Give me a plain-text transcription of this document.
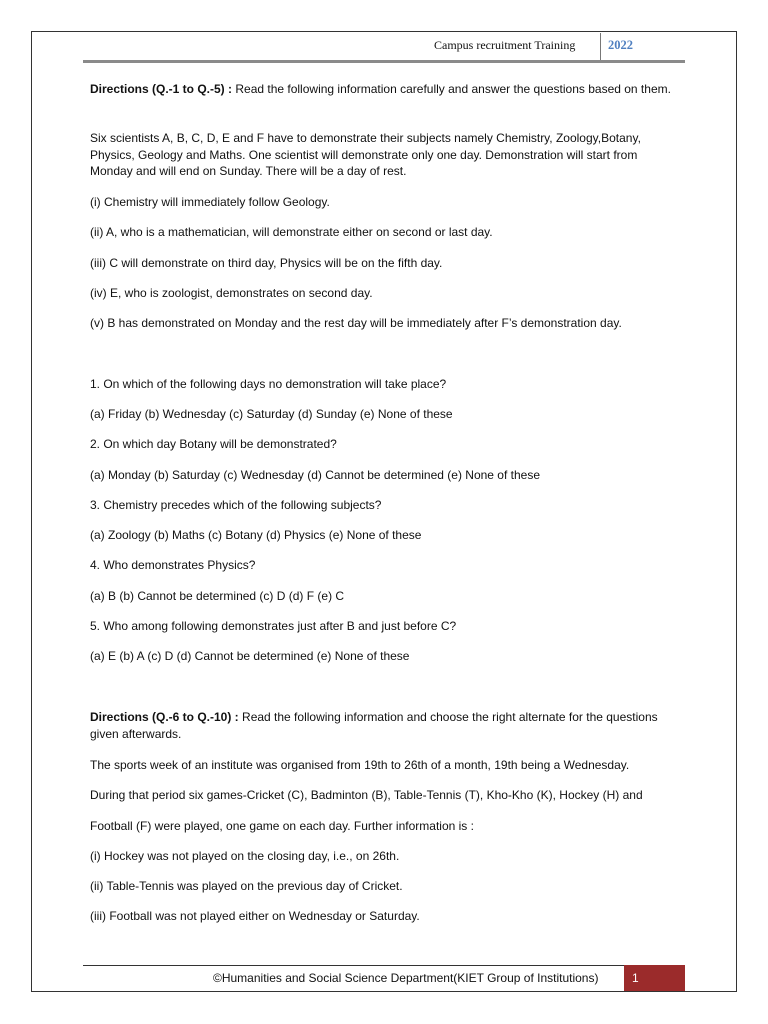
Campus recruitment Training	2022

Directions (Q.-1 to Q.-5) : Read the following information carefully and answer the questions based on them.

Six scientists A, B, C, D, E and F have to demonstrate their subjects namely Chemistry, Zoology,Botany, Physics, Geology and Maths. One scientist will demonstrate only one day. Demonstration will start from Monday and will end on Sunday. There will be a day of rest.

(i) Chemistry will immediately follow Geology.

(ii) A, who is a mathematician, will demonstrate either on second or last day.

(iii) C will demonstrate on third day, Physics will be on the fifth day.

(iv) E, who is zoologist, demonstrates on second day.

(v) B has demonstrated on Monday and the rest day will be immediately after F’s demonstration day.

1. On which of the following days no demonstration will take place?

(a) Friday (b) Wednesday (c) Saturday (d) Sunday (e) None of these

2. On which day Botany will be demonstrated?

(a) Monday (b) Saturday (c) Wednesday (d) Cannot be determined (e) None of these

3. Chemistry precedes which of the following subjects?

(a) Zoology (b) Maths (c) Botany (d) Physics (e) None of these

4. Who demonstrates Physics?

(a) B (b) Cannot be determined (c) D (d) F (e) C

5. Who among following demonstrates just after B and just before C?

(a) E (b) A (c) D (d) Cannot be determined (e) None of these

Directions (Q.-6 to Q.-10) : Read the following information and choose the right alternate for the questions given afterwards.

The sports week of an institute was organised from 19th to 26th of a month, 19th being a Wednesday.

During that period six games-Cricket (C), Badminton (B), Table-Tennis (T), Kho-Kho (K), Hockey (H) and

Football (F) were played, one game on each day. Further information is :

(i) Hockey was not played on the closing day, i.e., on 26th.

(ii) Table-Tennis was played on the previous day of Cricket.

(iii) Football was not played either on Wednesday or Saturday.

©Humanities and Social Science Department(KIET Group of Institutions)	1
